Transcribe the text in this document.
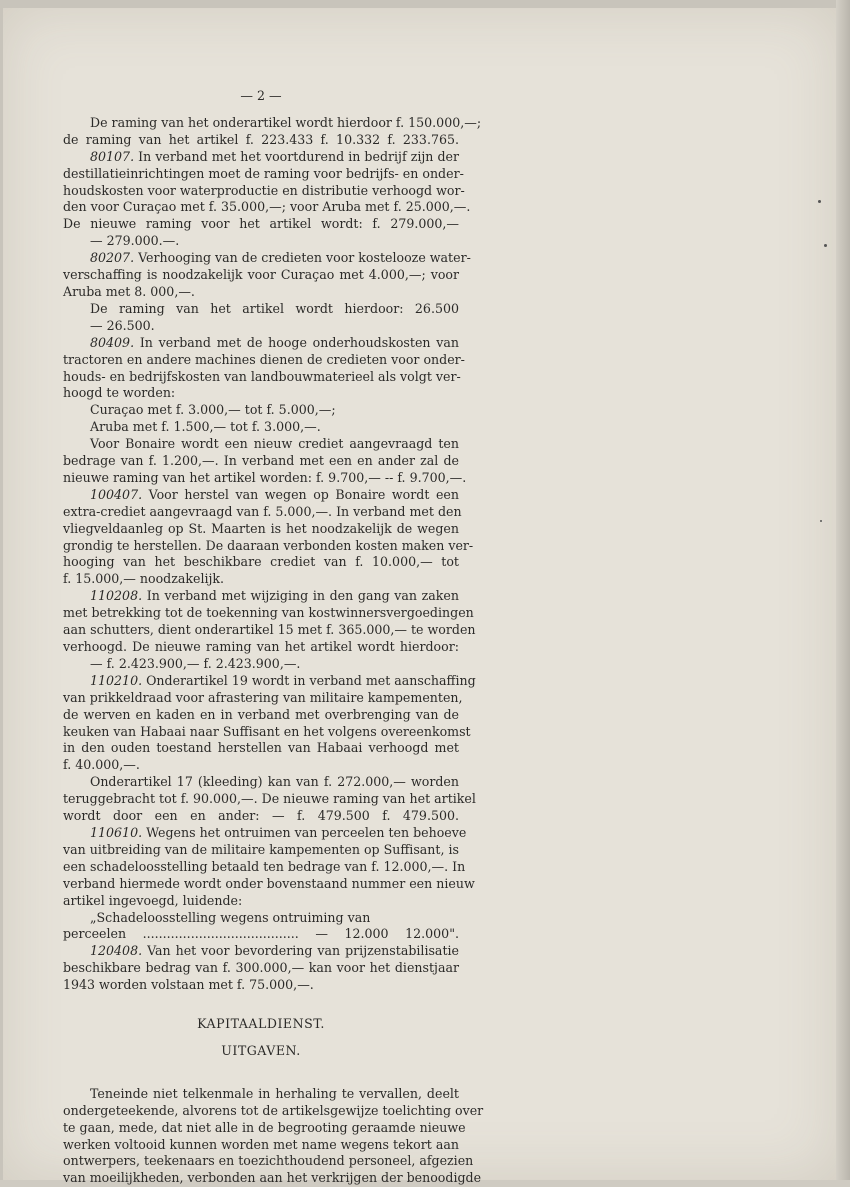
— 2 —
De raming van het onderartikel wordt hierdoor f. 150.000,—;
de raming van het artikel f. 223.433 f. 10.332 f. 233.765.
80107. In verband met het voortdurend in bedrijf zijn der
destillatieinrichtingen moet de raming voor bedrijfs- en onder-
houdskosten voor waterproductie en distributie verhoogd wor-
den voor Curaçao met f. 35.000,—; voor Aruba met f. 25.000,—.
De nieuwe raming voor het artikel wordt: f. 279.000,—
— 279.000.—.
80207. Verhooging van de credieten voor kostelooze water-
verschaffing is noodzakelijk voor Curaçao met 4.000,—; voor
Aruba met 8. 000,—.
De raming van het artikel wordt hierdoor: 26.500
— 26.500.
80409. In verband met de hooge onderhoudskosten van
tractoren en andere machines dienen de credieten voor onder-
houds- en bedrijfskosten van landbouwmaterieel als volgt ver-
hoogd te worden:
Curaçao met f. 3.000,— tot f. 5.000,—;
Aruba met f. 1.500,— tot f. 3.000,—.
Voor Bonaire wordt een nieuw crediet aangevraagd ten
bedrage van f. 1.200,—. In verband met een en ander zal de
nieuwe raming van het artikel worden: f. 9.700,— -- f. 9.700,—.
100407. Voor herstel van wegen op Bonaire wordt een
extra-crediet aangevraagd van f. 5.000,—. In verband met den
vliegveldaanleg op St. Maarten is het noodzakelijk de wegen
grondig te herstellen. De daaraan verbonden kosten maken ver-
hooging van het beschikbare crediet van f. 10.000,— tot
f. 15.000,— noodzakelijk.
110208. In verband met wijziging in den gang van zaken
met betrekking tot de toekenning van kostwinnersvergoedingen
aan schutters, dient onderartikel 15 met f. 365.000,— te worden
verhoogd. De nieuwe raming van het artikel wordt hierdoor:
— f. 2.423.900,— f. 2.423.900,—.
110210. Onderartikel 19 wordt in verband met aanschaffing
van prikkeldraad voor afrastering van militaire kampementen,
de werven en kaden en in verband met overbrenging van de
keuken van Habaai naar Suffisant en het volgens overeenkomst
in den ouden toestand herstellen van Habaai verhoogd met
f. 40.000,—.
Onderartikel 17 (kleeding) kan van f. 272.000,— worden
teruggebracht tot f. 90.000,—. De nieuwe raming van het artikel
wordt door een en ander: — f. 479.500 f. 479.500.
110610. Wegens het ontruimen van perceelen ten behoeve
van uitbreiding van de militaire kampementen op Suffisant, is
een schadeloosstelling betaald ten bedrage van f. 12.000,—. In
verband hiermede wordt onder bovenstaand nummer een nieuw
artikel ingevoegd, luidende:
„Schadeloosstelling wegens ontruiming van
perceelen ....................................... — 12.000 12.000".
120408. Van het voor bevordering van prijzenstabilisatie
beschikbare bedrag van f. 300.000,— kan voor het dienstjaar
1943 worden volstaan met f. 75.000,—.
KAPITAALDIENST.
UITGAVEN.
Teneinde niet telkenmale in herhaling te vervallen, deelt
ondergeteekende, alvorens tot de artikelsgewijze toelichting over
te gaan, mede, dat niet alle in de begrooting geraamde nieuwe
werken voltooid kunnen worden met name wegens tekort aan
ontwerpers, teekenaars en toezichthoudend personeel, afgezien
van moeilijkheden, verbonden aan het verkrijgen der benoodigde
